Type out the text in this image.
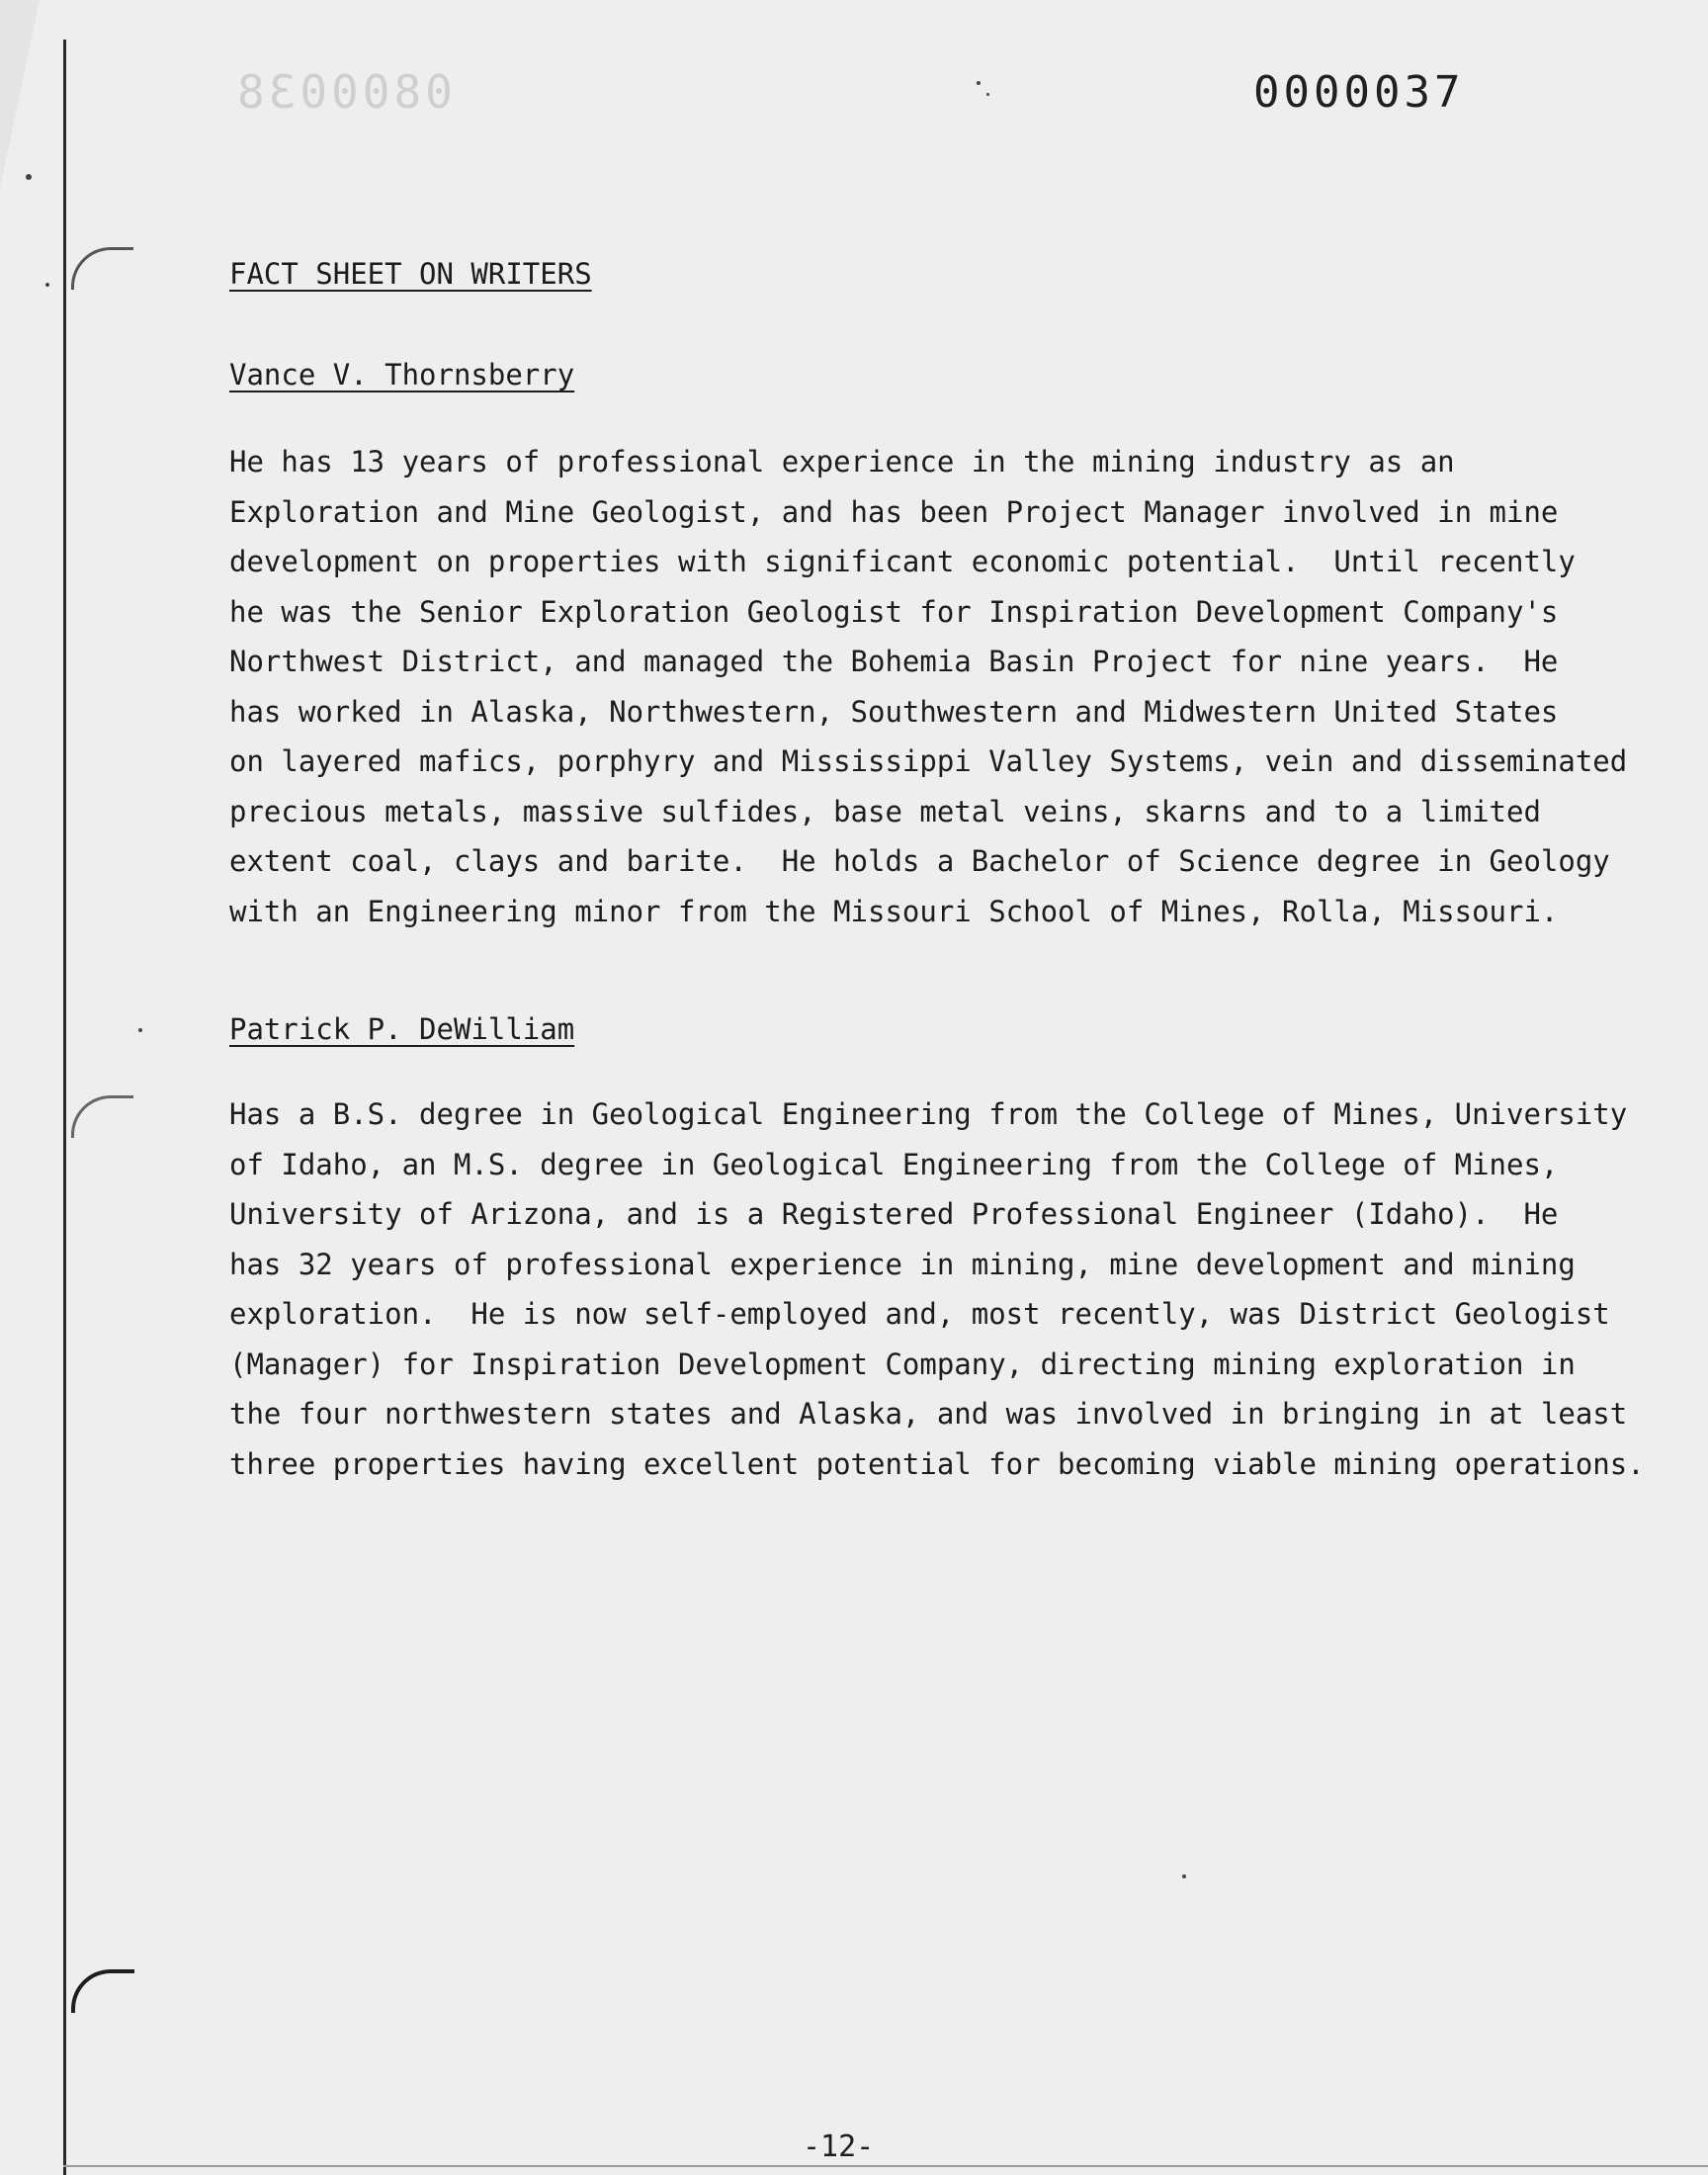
0800038	0000037
FACT SHEET ON WRITERS
Vance V. Thornsberry

He has 13 years of professional experience in the mining industry as an
Exploration and Mine Geologist, and has been Project Manager involved in mine
development on properties with significant economic potential.  Until recently
he was the Senior Exploration Geologist for Inspiration Development Company's
Northwest District, and managed the Bohemia Basin Project for nine years.  He
has worked in Alaska, Northwestern, Southwestern and Midwestern United States
on layered mafics, porphyry and Mississippi Valley Systems, vein and disseminated
precious metals, massive sulfides, base metal veins, skarns and to a limited
extent coal, clays and barite.  He holds a Bachelor of Science degree in Geology
with an Engineering minor from the Missouri School of Mines, Rolla, Missouri.

Patrick P. DeWilliam

Has a B.S. degree in Geological Engineering from the College of Mines, University
of Idaho, an M.S. degree in Geological Engineering from the College of Mines,
University of Arizona, and is a Registered Professional Engineer (Idaho).  He
has 32 years of professional experience in mining, mine development and mining
exploration.  He is now self-employed and, most recently, was District Geologist
(Manager) for Inspiration Development Company, directing mining exploration in
the four northwestern states and Alaska, and was involved in bringing in at least
three properties having excellent potential for becoming viable mining operations.

-12-
